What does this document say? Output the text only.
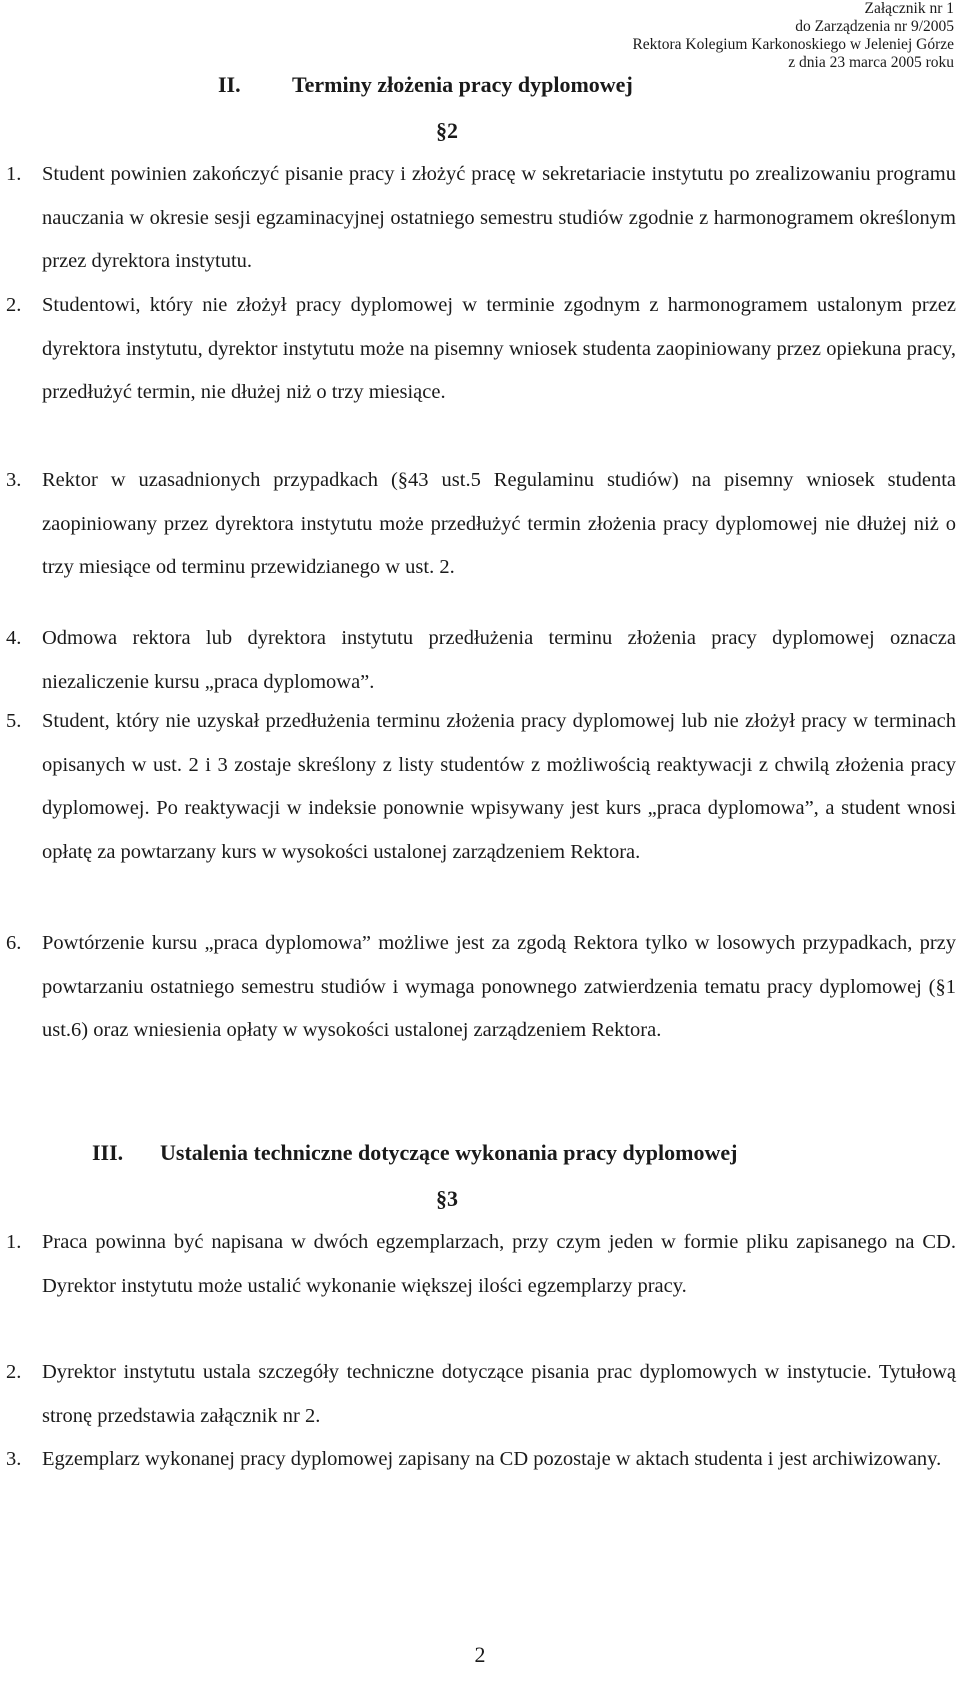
Załącznik nr 1
do Zarządzenia nr 9/2005
Rektora Kolegium Karkonoskiego w Jeleniej Górze
z dnia 23 marca 2005 roku
II. Terminy złożenia pracy dyplomowej
§2
1. Student powinien zakończyć pisanie pracy i złożyć pracę w sekretariacie instytutu po zrealizowaniu programu nauczania w okresie sesji egzaminacyjnej ostatniego semestru studiów zgodnie z harmonogramem określonym przez dyrektora instytutu.
2. Studentowi, który nie złożył pracy dyplomowej w terminie zgodnym z harmonogramem ustalonym przez dyrektora instytutu, dyrektor instytutu może na pisemny wniosek studenta zaopiniowany przez opiekuna pracy, przedłużyć termin, nie dłużej niż o trzy miesiące.
3. Rektor w uzasadnionych przypadkach (§43 ust.5 Regulaminu studiów) na pisemny wniosek studenta zaopiniowany przez dyrektora instytutu może przedłużyć termin złożenia pracy dyplomowej nie dłużej niż o trzy miesiące od terminu przewidzianego w ust. 2.
4. Odmowa rektora lub dyrektora instytutu przedłużenia terminu złożenia pracy dyplomowej oznacza niezaliczenie kursu „praca dyplomowa”.
5. Student, który nie uzyskał przedłużenia terminu złożenia pracy dyplomowej lub nie złożył pracy w terminach opisanych w ust. 2 i 3 zostaje skreślony z listy studentów z możliwością reaktywacji z chwilą złożenia pracy dyplomowej. Po reaktywacji w indeksie ponownie wpisywany jest kurs „praca dyplomowa”, a student wnosi opłatę za powtarzany kurs w wysokości ustalonej zarządzeniem Rektora.
6. Powtórzenie kursu „praca dyplomowa” możliwe jest za zgodą Rektora tylko w losowych przypadkach, przy powtarzaniu ostatniego semestru studiów i wymaga ponownego zatwierdzenia tematu pracy dyplomowej (§1 ust.6) oraz wniesienia opłaty w wysokości ustalonej zarządzeniem Rektora.
III. Ustalenia techniczne dotyczące wykonania pracy dyplomowej
§3
1. Praca powinna być napisana w dwóch egzemplarzach, przy czym jeden w formie pliku zapisanego na CD. Dyrektor instytutu może ustalić wykonanie większej ilości egzemplarzy pracy.
2. Dyrektor instytutu ustala szczegóły techniczne dotyczące pisania prac dyplomowych w instytucie. Tytułową stronę przedstawia załącznik nr 2.
3. Egzemplarz wykonanej pracy dyplomowej zapisany na CD pozostaje w aktach studenta i jest archiwizowany.
2
